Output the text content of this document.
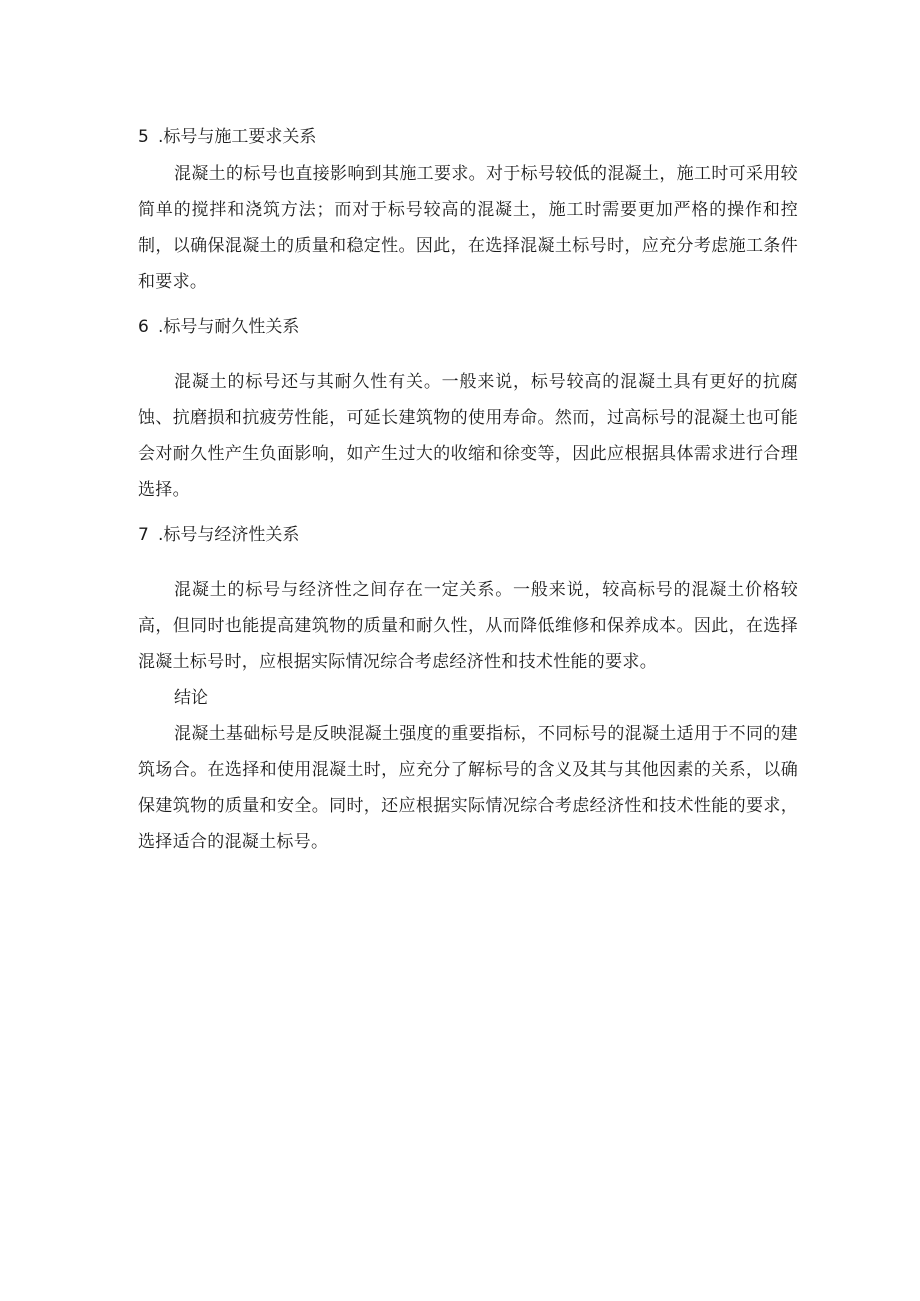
5 .标号与施工要求关系

混凝土的标号也直接影响到其施工要求。对于标号较低的混凝土，施工时可采用较简单的搅拌和浇筑方法；而对于标号较高的混凝土，施工时需要更加严格的操作和控制，以确保混凝土的质量和稳定性。因此，在选择混凝土标号时，应充分考虑施工条件和要求。

6 .标号与耐久性关系

混凝土的标号还与其耐久性有关。一般来说，标号较高的混凝土具有更好的抗腐蚀、抗磨损和抗疲劳性能，可延长建筑物的使用寿命。然而，过高标号的混凝土也可能会对耐久性产生负面影响，如产生过大的收缩和徐变等，因此应根据具体需求进行合理选择。

7 .标号与经济性关系

混凝土的标号与经济性之间存在一定关系。一般来说，较高标号的混凝土价格较高，但同时也能提高建筑物的质量和耐久性，从而降低维修和保养成本。因此，在选择混凝土标号时，应根据实际情况综合考虑经济性和技术性能的要求。

结论

混凝土基础标号是反映混凝土强度的重要指标，不同标号的混凝土适用于不同的建筑场合。在选择和使用混凝土时，应充分了解标号的含义及其与其他因素的关系，以确保建筑物的质量和安全。同时，还应根据实际情况综合考虑经济性和技术性能的要求，选择适合的混凝土标号。
